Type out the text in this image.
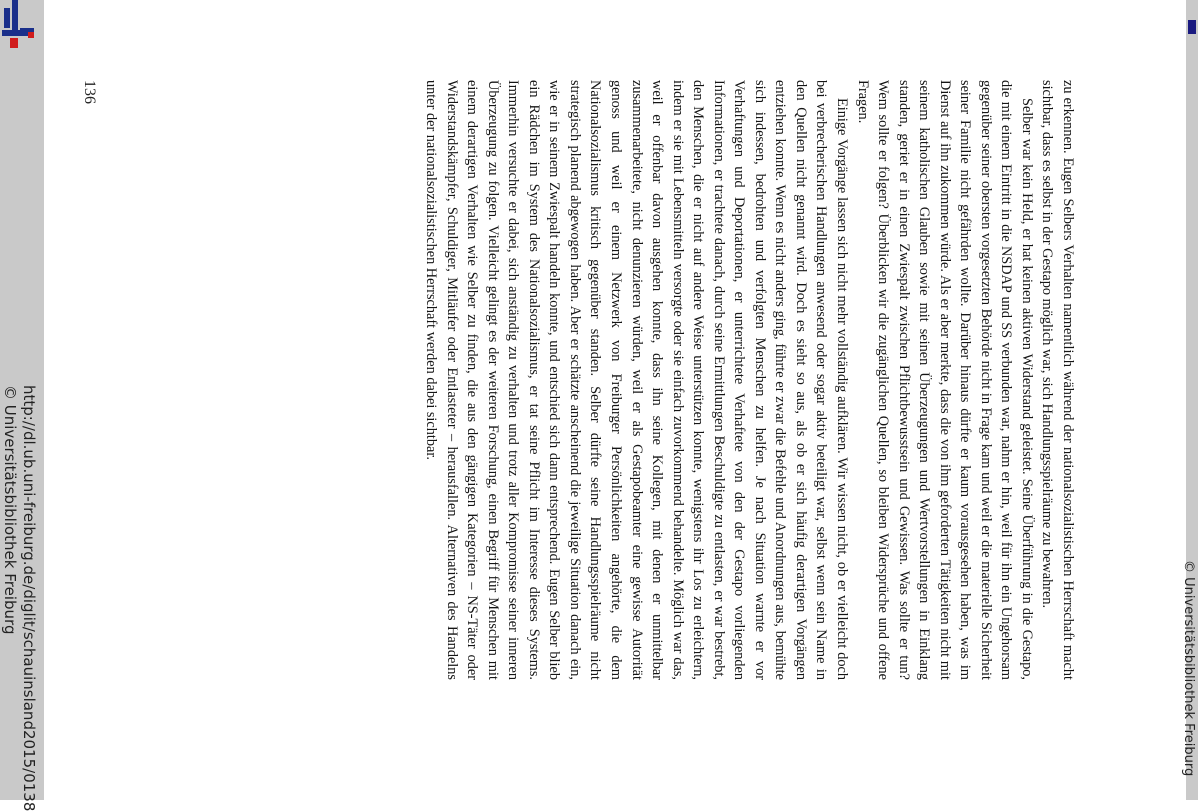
http://dl.ub.uni-freiburg.de/diglit/schauinsland2015/0138
© Universitätsbibliothek Freiburg
© Universitätsbibliothek Freiburg
136	zu erkennen. Eugen Selbers Verhalten namentlich während der nationalsozialistischen Herrschaft macht sichtbar, dass es selbst in der Gestapo möglich war, sich Handlungsspielräume zu bewahren.

Selber war kein Held, er hat keinen aktiven Widerstand geleistet. Seine Überführung in die Gestapo, die mit einem Eintritt in die NSDAP und SS verbunden war, nahm er hin, weil für ihn ein Ungehorsam gegenüber seiner obersten vorgesetzten Behörde nicht in Frage kam und weil er die materielle Sicherheit seiner Familie nicht gefährden wollte. Darüber hinaus dürfte er kaum vorausgesehen haben, was im Dienst auf ihn zukommen würde. Als er aber merkte, dass die von ihm geforderten Tätigkeiten nicht mit seinem katholischen Glauben sowie mit seinen Überzeugungen und Wertvorstellungen in Einklang standen, geriet er in einen Zwiespalt zwischen Pflichtbewusstsein und Gewissen. Was sollte er tun? Wem sollte er folgen? Überblicken wir die zugänglichen Quellen, so bleiben Widersprüche und offene Fragen.

Einige Vorgänge lassen sich nicht mehr vollständig aufklären. Wir wissen nicht, ob er vielleicht doch bei verbrecherischen Handlungen anwesend oder sogar aktiv beteiligt war, selbst wenn sein Name in den Quellen nicht genannt wird. Doch es sieht so aus, als ob er sich häufig derartigen Vorgängen entziehen konnte. Wenn es nicht anders ging, führte er zwar die Befehle und Anordnungen aus, bemühte sich indessen, bedrohten und verfolgten Menschen zu helfen. Je nach Situation warnte er vor Verhaftungen und Deportationen, er unterrichtete Verhaftete von den der Gestapo vorliegenden Informationen, er trachtete danach, durch seine Ermittlungen Beschuldigte zu entlasten, er war bestrebt, den Menschen, die er nicht auf andere Weise unterstützen konnte, wenigstens ihr Los zu erleichtern, indem er sie mit Lebensmitteln versorgte oder sie einfach zuvorkommend behandelte. Möglich war das, weil er offenbar davon ausgehen konnte, dass ihn seine Kollegen, mit denen er unmittelbar zusammenarbeitete, nicht denunzieren würden, weil er als Gestapobeamter eine gewisse Autorität genoss und weil er einem Netzwerk von Freiburger Persönlichkeiten angehörte, die dem Nationalsozialismus kritisch gegenüber standen. Selber dürfte seine Handlungsspielräume nicht strategisch planend abgewogen haben. Aber er schätzte anscheinend die jeweilige Situation danach ein, wie er in seinem Zwiespalt handeln konnte, und entschied sich dann entsprechend. Eugen Selber blieb ein Rädchen im System des Nationalsozialismus, er tat seine Pflicht im Interesse dieses Systems. Immerhin versuchte er dabei, sich anständig zu verhalten und trotz aller Kompromisse seiner inneren Überzeugung zu folgen. Vielleicht gelingt es der weiteren Forschung, einen Begriff für Menschen mit einem derartigen Verhalten wie Selber zu finden, die aus den gängigen Kategorien – NS-Täter oder Widerstandskämpfer, Schuldiger, Mitläufer oder Entlasteter – herausfallen. Alternativen des Handelns unter der nationalsozialistischen Herrschaft werden dabei sichtbar.
